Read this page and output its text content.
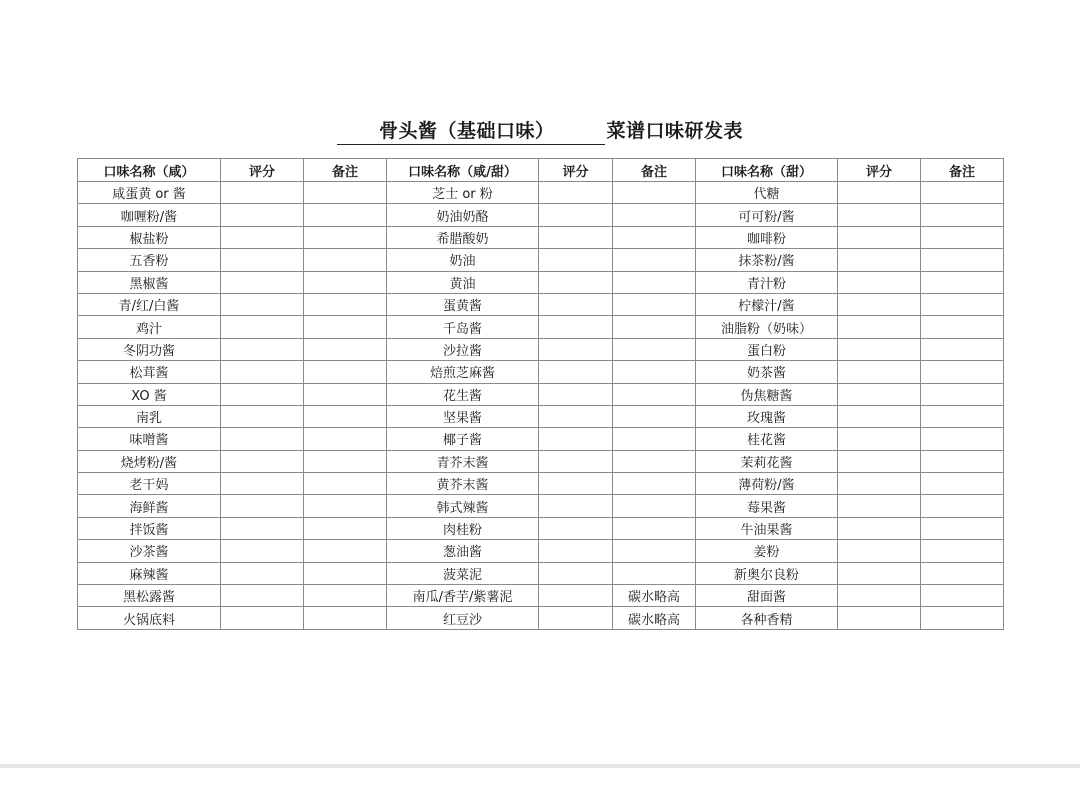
骨头酱（基础口味）	菜谱口味研发表
口味名称（咸）	评分	备注	口味名称（咸/甜）	评分	备注	口味名称（甜）	评分	备注
咸蛋黄 or 酱			芝士 or 粉			代糖		
咖喱粉/酱			奶油奶酪			可可粉/酱		
椒盐粉			希腊酸奶			咖啡粉		
五香粉			奶油			抹茶粉/酱		
黑椒酱			黄油			青汁粉		
青/红/白酱			蛋黄酱			柠檬汁/酱		
鸡汁			千岛酱			油脂粉（奶味）		
冬阴功酱			沙拉酱			蛋白粉		
松茸酱			焙煎芝麻酱			奶茶酱		
XO 酱			花生酱			伪焦糖酱		
南乳			坚果酱			玫瑰酱		
味噌酱			椰子酱			桂花酱		
烧烤粉/酱			青芥末酱			茉莉花酱		
老干妈			黄芥末酱			薄荷粉/酱		
海鲜酱			韩式辣酱			莓果酱		
拌饭酱			肉桂粉			牛油果酱		
沙茶酱			葱油酱			姜粉		
麻辣酱			菠菜泥			新奥尔良粉		
黑松露酱			南瓜/香芋/紫薯泥		碳水略高	甜面酱		
火锅底料			红豆沙		碳水略高	各种香精		
